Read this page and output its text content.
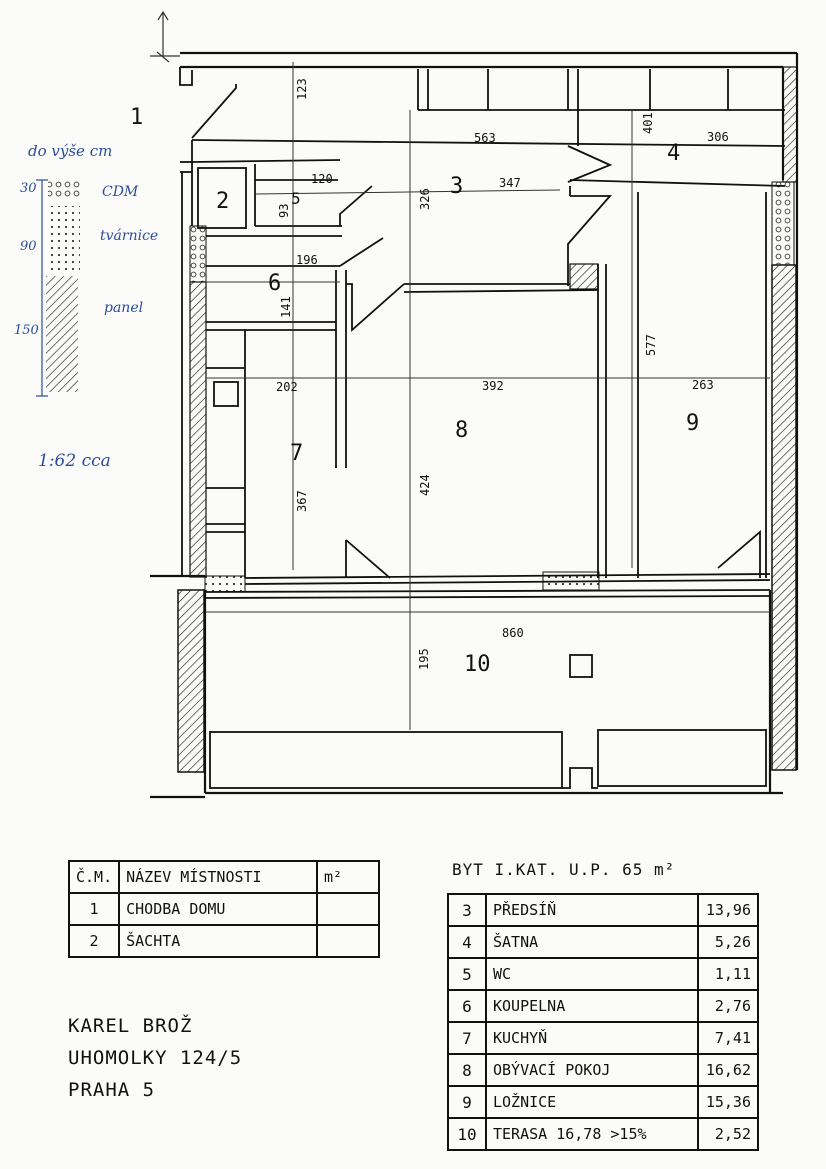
123
563
401
306
120
326
347
93
196
141
577
202	392	263
367
424
860
195
1
2
3
4
5
6
7
8	9
10
do výše cm
30
90
150
CDM
tvárnice
panel
1:62 cca
Č.M.	NÁZEV MÍSTNOSTI	m²
1	CHODBA DOMU	
2	ŠACHTA	
BYT I.KAT. U.P. 65 m²
3	PŘEDSÍŇ	13,96
4	ŠATNA	5,26
5	WC	1,11
6	KOUPELNA	2,76
7	KUCHYŇ	7,41
8	OBÝVACÍ POKOJ	16,62
9	LOŽNICE	15,36
10	TERASA 16,78 >15%	2,52
KAREL BROŽ
UHOMOLKY 124/5
PRAHA 5
